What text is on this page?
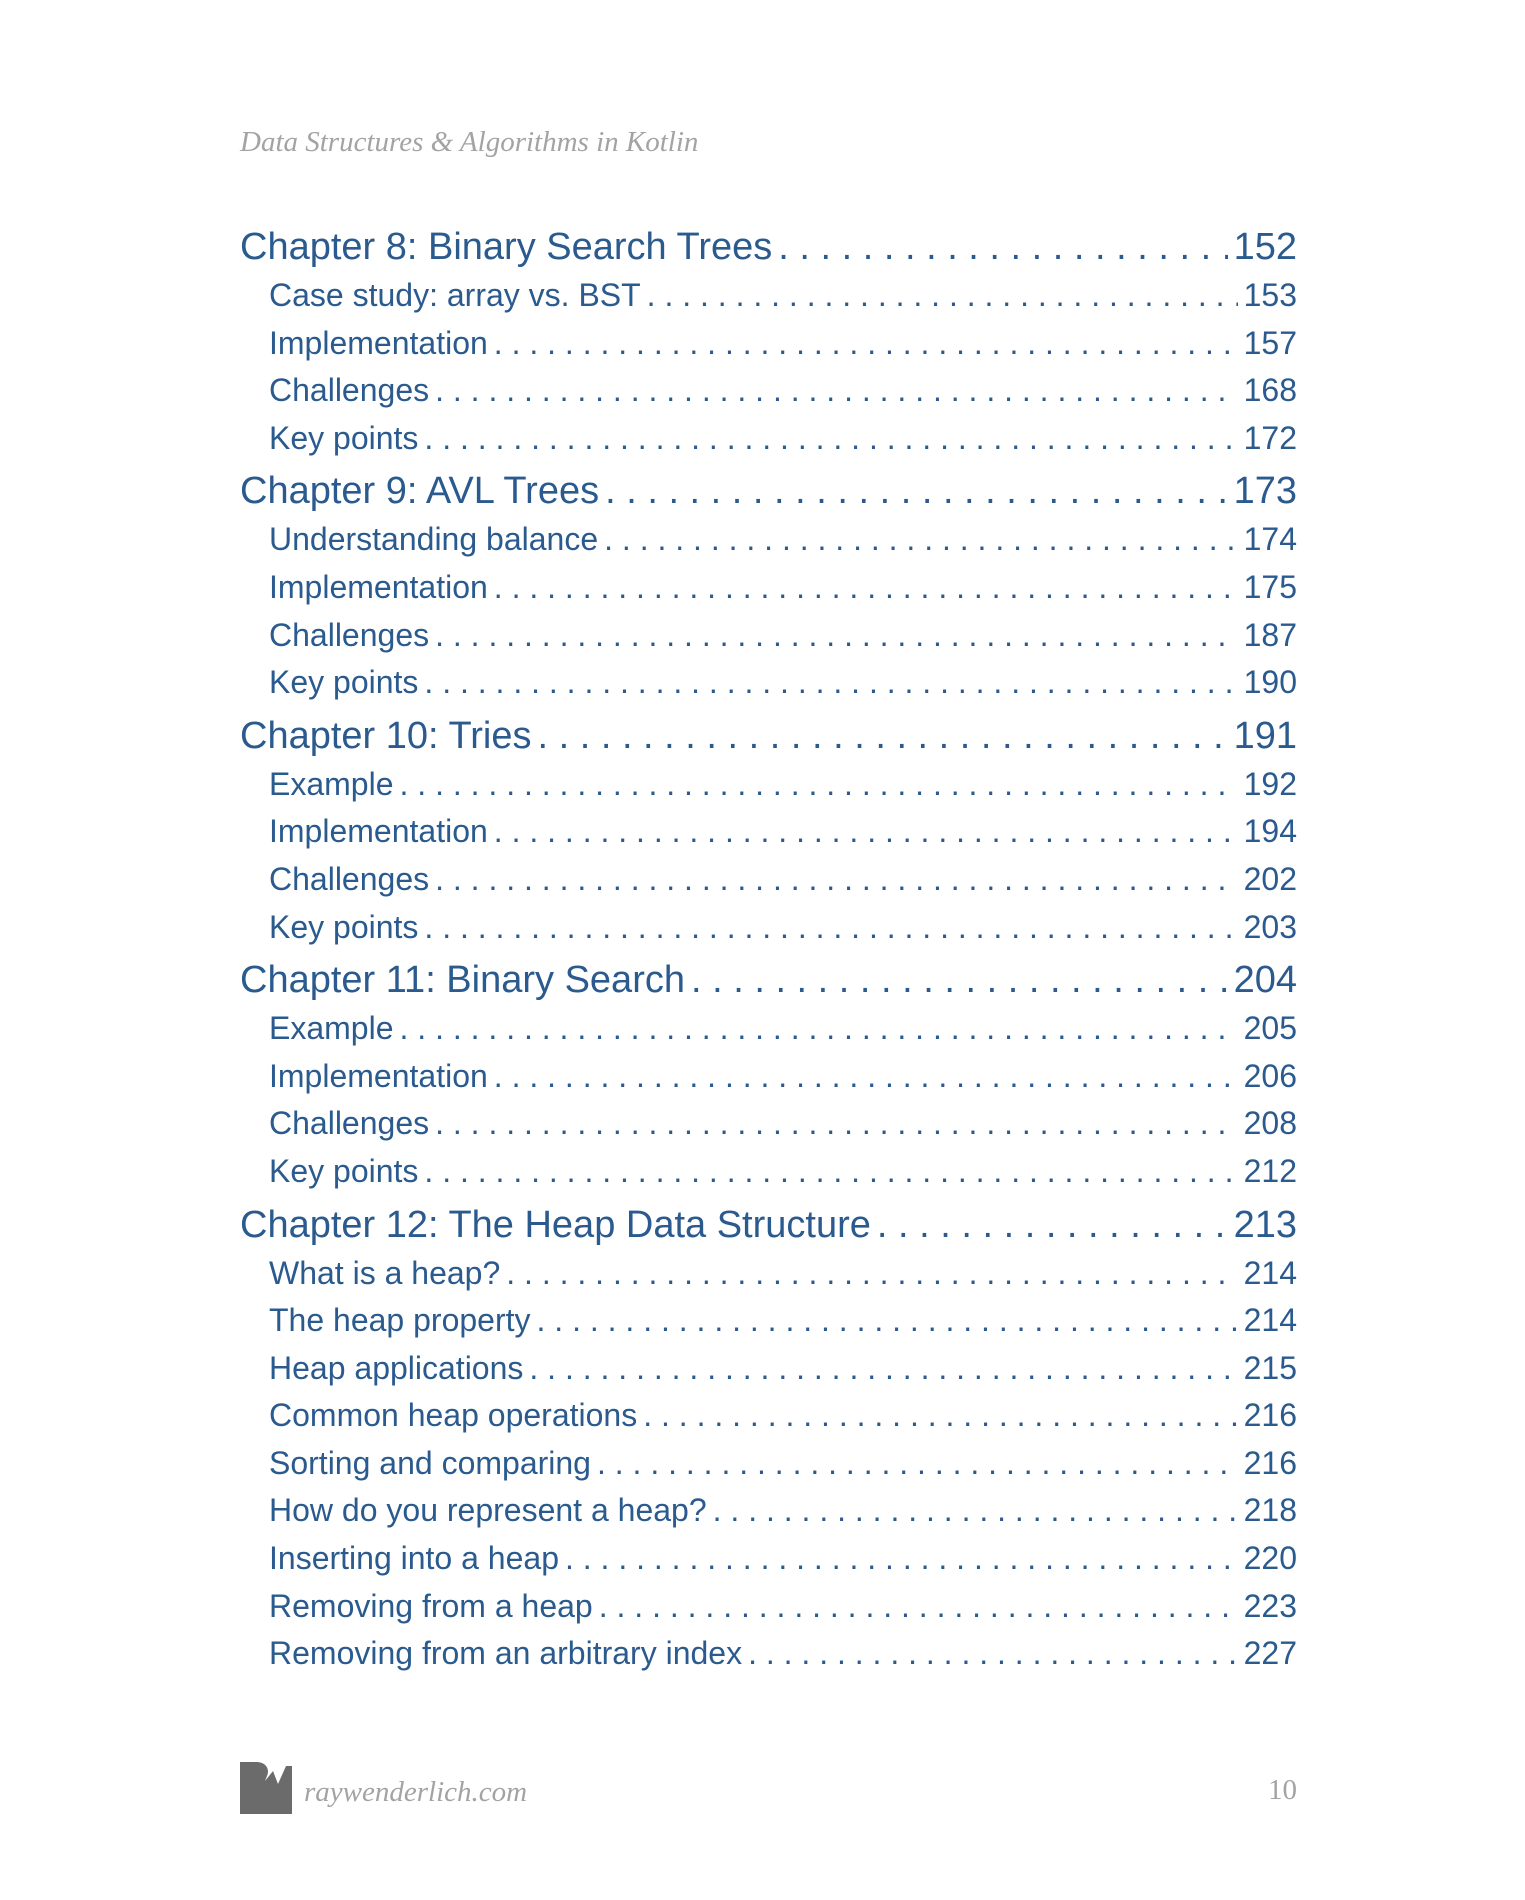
Data Structures & Algorithms in Kotlin
Chapter 8: Binary Search Trees . . .	152
Case study: array vs. BST . . .	153
Implementation . . .	157
Challenges . . .	168
Key points . . .	172
Chapter 9: AVL Trees . . .	173
Understanding balance . . .	174
Implementation . . .	175
Challenges . . .	187
Key points . . .	190
Chapter 10: Tries . . .	191
Example . . .	192
Implementation . . .	194
Challenges . . .	202
Key points . . .	203
Chapter 11: Binary Search . . .	204
Example . . .	205
Implementation . . .	206
Challenges . . .	208
Key points . . .	212
Chapter 12: The Heap Data Structure . . .	213
What is a heap? . . .	214
The heap property . . .	214
Heap applications . . .	215
Common heap operations . . .	216
Sorting and comparing . . .	216
How do you represent a heap? . . .	218
Inserting into a heap . . .	220
Removing from a heap . . .	223
Removing from an arbitrary index . . .	227
raywenderlich.com	10
